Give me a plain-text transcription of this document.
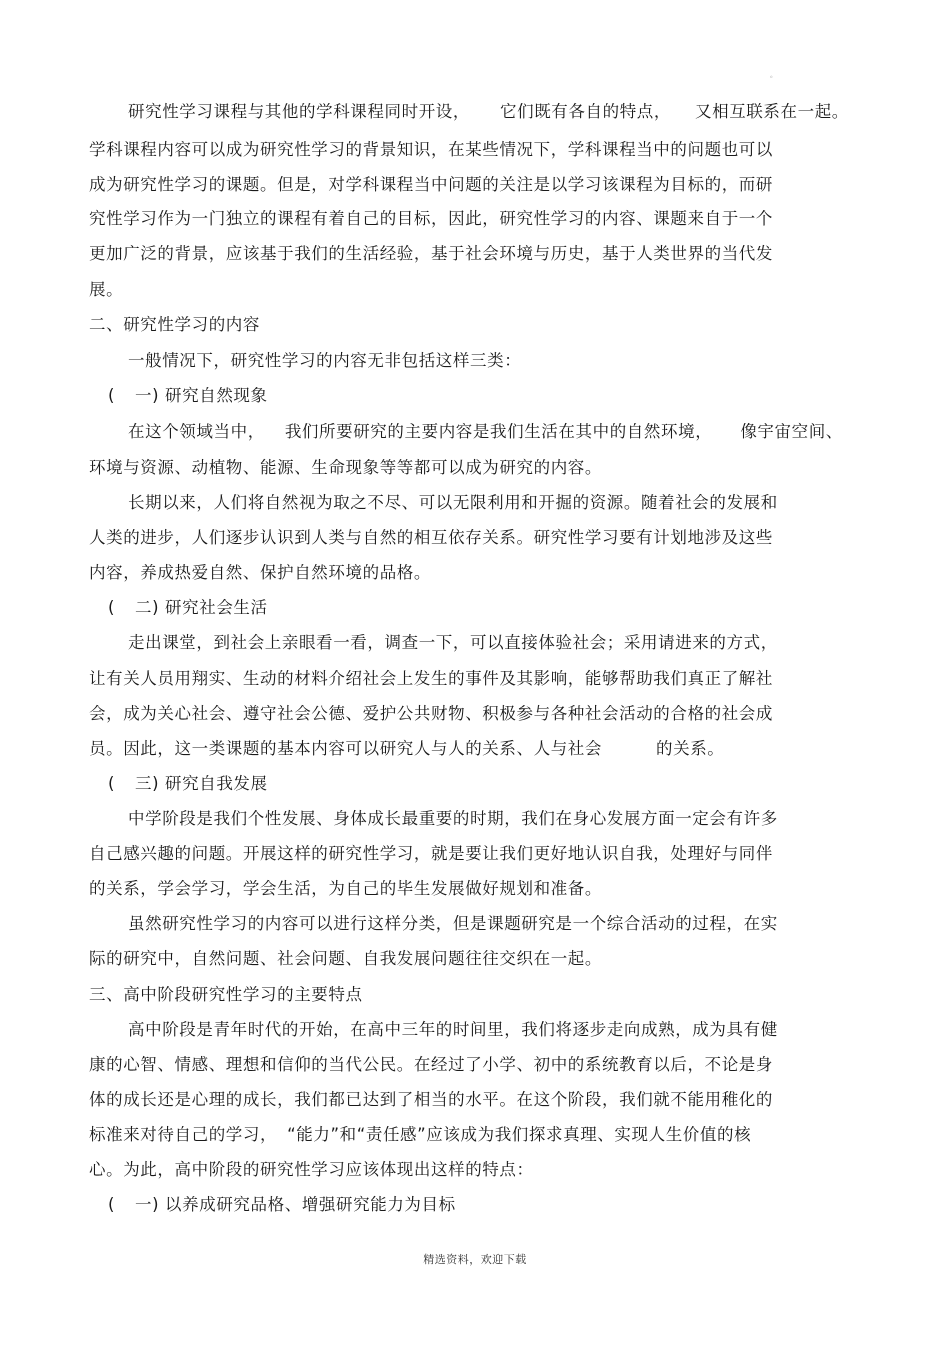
。
研究性学习课程与其他的学科课程同时开设， 它们既有各自的特点， 又相互联系在一起。
学科课程内容可以成为研究性学习的背景知识，在某些情况下，学科课程当中的问题也可以
成为研究性学习的课题。但是，对学科课程当中问题的关注是以学习该课程为目标的，而研
究性学习作为一门独立的课程有着自己的目标，因此，研究性学习的内容、课题来自于一个
更加广泛的背景，应该基于我们的生活经验，基于社会环境与历史，基于人类世界的当代发
展。
二、研究性学习的内容
一般情况下，研究性学习的内容无非包括这样三类：
( 一) 研究自然现象
在这个领域当中， 我们所要研究的主要内容是我们生活在其中的自然环境， 像宇宙空间、
环境与资源、动植物、能源、生命现象等等都可以成为研究的内容。
长期以来，人们将自然视为取之不尽、可以无限利用和开掘的资源。随着社会的发展和
人类的进步，人们逐步认识到人类与自然的相互依存关系。研究性学习要有计划地涉及这些
内容，养成热爱自然、保护自然环境的品格。
( 二) 研究社会生活
走出课堂，到社会上亲眼看一看，调查一下，可以直接体验社会；采用请进来的方式，
让有关人员用翔实、生动的材料介绍社会上发生的事件及其影响，能够帮助我们真正了解社
会，成为关心社会、遵守社会公德、爱护公共财物、积极参与各种社会活动的合格的社会成
员。因此，这一类课题的基本内容可以研究人与人的关系、人与社会	的关系。
( 三) 研究自我发展
中学阶段是我们个性发展、身体成长最重要的时期，我们在身心发展方面一定会有许多
自己感兴趣的问题。开展这样的研究性学习，就是要让我们更好地认识自我，处理好与同伴
的关系，学会学习，学会生活，为自己的毕生发展做好规划和准备。
虽然研究性学习的内容可以进行这样分类，但是课题研究是一个综合活动的过程，在实
际的研究中，自然问题、社会问题、自我发展问题往往交织在一起。
三、高中阶段研究性学习的主要特点
高中阶段是青年时代的开始，在高中三年的时间里，我们将逐步走向成熟，成为具有健
康的心智、情感、理想和信仰的当代公民。在经过了小学、初中的系统教育以后，不论是身
体的成长还是心理的成长，我们都已达到了相当的水平。在这个阶段，我们就不能用稚化的
标准来对待自己的学习， “能力”和“责任感”应该成为我们探求真理、实现人生价值的核
心。为此，高中阶段的研究性学习应该体现出这样的特点：
( 一) 以养成研究品格、增强研究能力为目标
精选资料，欢迎下载
